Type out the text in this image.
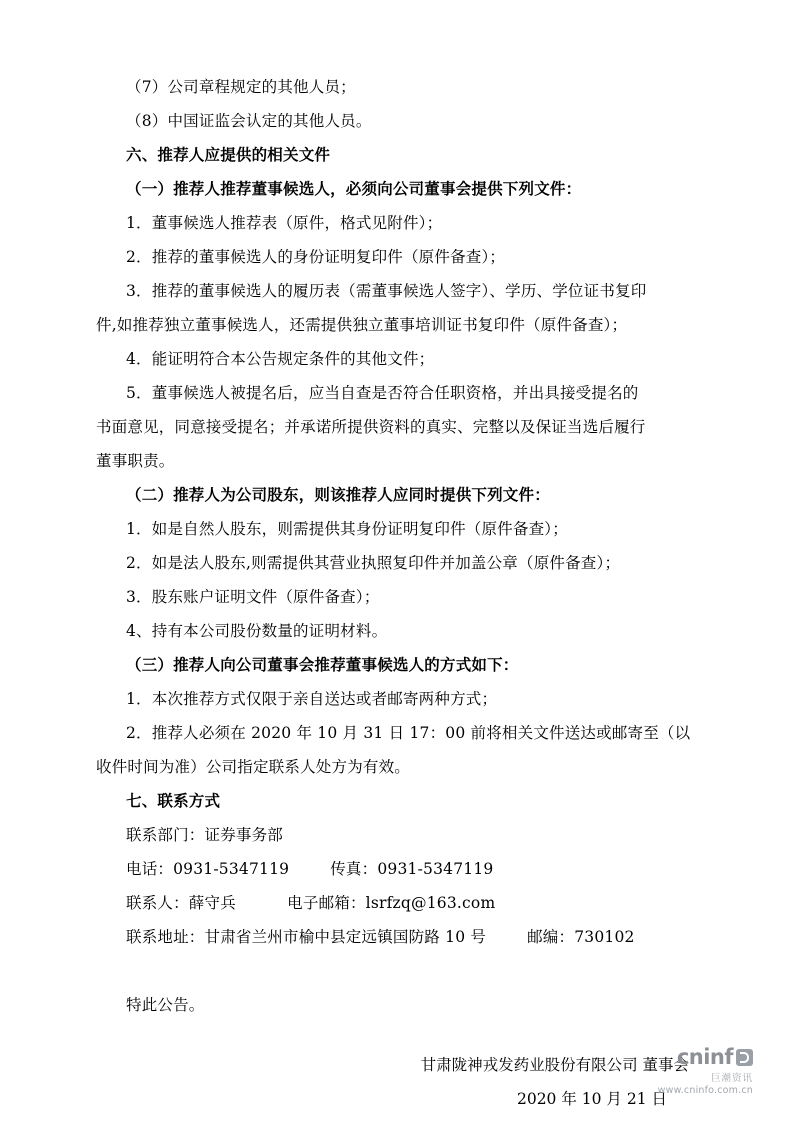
（7）公司章程规定的其他人员；
（8）中国证监会认定的其他人员。
六、推荐人应提供的相关文件
（一）推荐人推荐董事候选人，必须向公司董事会提供下列文件：
1．董事候选人推荐表（原件，格式见附件）；
2．推荐的董事候选人的身份证明复印件（原件备查）；
3．推荐的董事候选人的履历表（需董事候选人签字）、学历、学位证书复印
件,如推荐独立董事候选人，还需提供独立董事培训证书复印件（原件备查）；
4．能证明符合本公告规定条件的其他文件；
5．董事候选人被提名后，应当自查是否符合任职资格，并出具接受提名的
书面意见，同意接受提名；并承诺所提供资料的真实、完整以及保证当选后履行
董事职责。
（二）推荐人为公司股东，则该推荐人应同时提供下列文件：
1．如是自然人股东，则需提供其身份证明复印件（原件备查）；
2．如是法人股东,则需提供其营业执照复印件并加盖公章（原件备查）；
3．股东账户证明文件（原件备查）；
4、持有本公司股份数量的证明材料。
（三）推荐人向公司董事会推荐董事候选人的方式如下：
1．本次推荐方式仅限于亲自送达或者邮寄两种方式；
2．推荐人必须在 2020 年 10 月 31 日 17：00 前将相关文件送达或邮寄至（以
收件时间为准）公司指定联系人处方为有效。
七、联系方式
联系部门：证券事务部
电话：0931-5347119        传真：0931-5347119
联系人：薛守兵          电子邮箱：lsrfzq@163.com
联系地址：甘肃省兰州市榆中县定远镇国防路 10 号        邮编：730102
特此公告。
甘肃陇神戎发药业股份有限公司 董事会
2020 年 10 月 21 日
cninf
巨潮资讯
www.cninfo.com.cn
